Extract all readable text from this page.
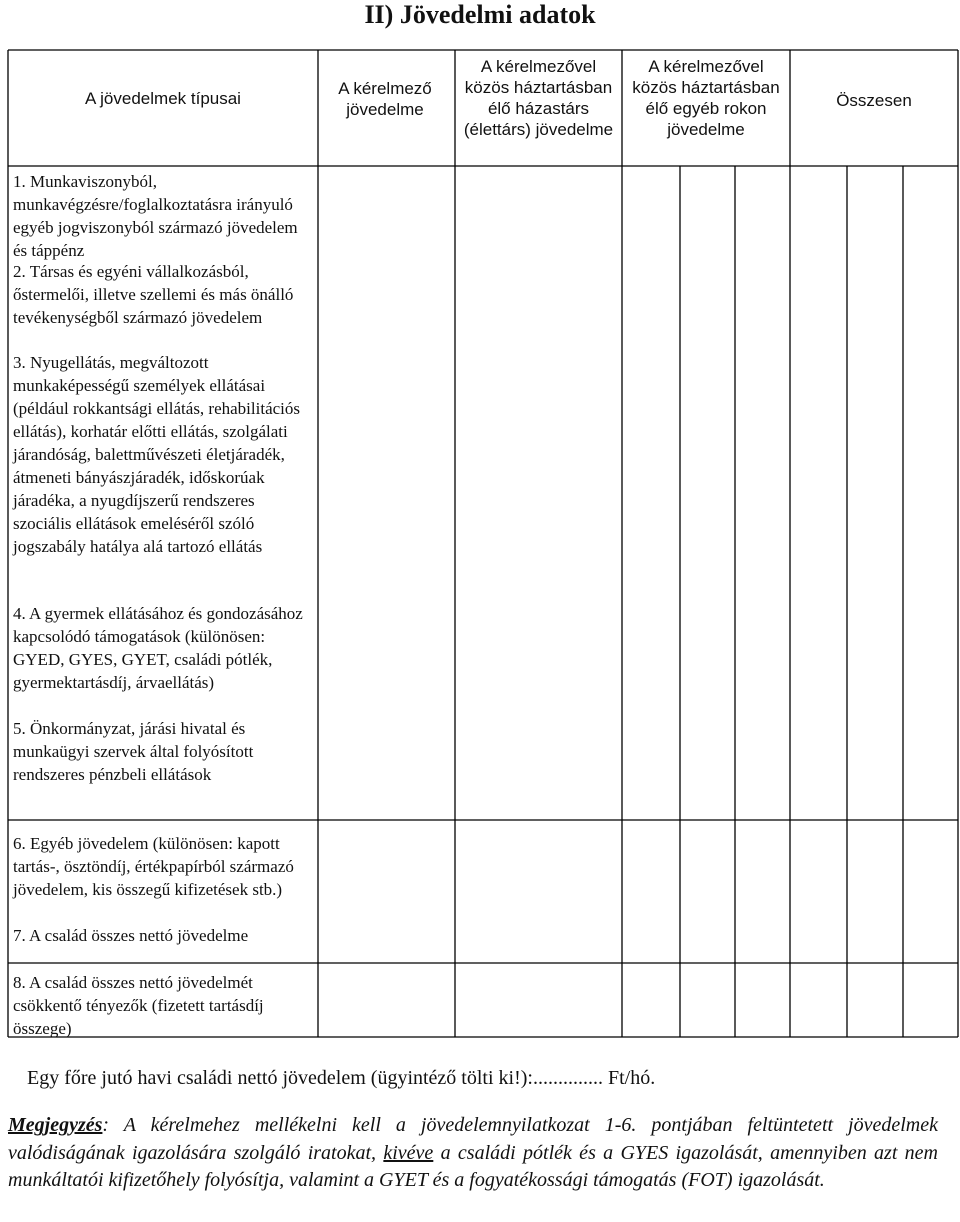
II) Jövedelmi adatok
A jövedelmek típusai
A kérelmező jövedelme
A kérelmezővel közös háztartásban élő házastárs (élettárs) jövedelme
A kérelmezővel közös háztartásban élő egyéb rokon jövedelme
Összesen
1. Munkaviszonyból, munkavégzésre/foglalkoztatásra irányuló egyéb jogviszonyból származó jövedelem és táppénz
2. Társas és egyéni vállalkozásból, őstermelői, illetve szellemi és más önálló tevékenységből származó jövedelem
3. Nyugellátás, megváltozott munkaképességű személyek ellátásai (például rokkantsági ellátás, rehabilitációs ellátás), korhatár előtti ellátás, szolgálati járandóság, balettművészeti életjáradék, átmeneti bányászjáradék, időskorúak járadéka, a nyugdíjszerű rendszeres szociális ellátások emeléséről szóló jogszabály hatálya alá tartozó ellátás
4. A gyermek ellátásához és gondozásához kapcsolódó támogatások (különösen: GYED, GYES, GYET, családi pótlék, gyermektartásdíj, árvaellátás)
5. Önkormányzat, járási hivatal és munkaügyi szervek által folyósított rendszeres pénzbeli ellátások
6. Egyéb jövedelem (különösen: kapott tartás-, ösztöndíj, értékpapírból származó jövedelem, kis összegű kifizetések stb.)
7. A család összes nettó jövedelme
8. A család összes nettó jövedelmét csökkentő tényezők (fizetett tartásdíj összege)
Egy főre jutó havi családi nettó jövedelem (ügyintéző tölti ki!):.............. Ft/hó.
Megjegyzés: A kérelmehez mellékelni kell a jövedelemnyilatkozat 1-6. pontjában feltüntetett jövedelmek valódiságának igazolására szolgáló iratokat, kivéve a családi pótlék és a GYES igazolását, amennyiben azt nem munkáltatói kifizetőhely folyósítja, valamint a GYET és a fogyatékossági támogatás (FOT) igazolását.
